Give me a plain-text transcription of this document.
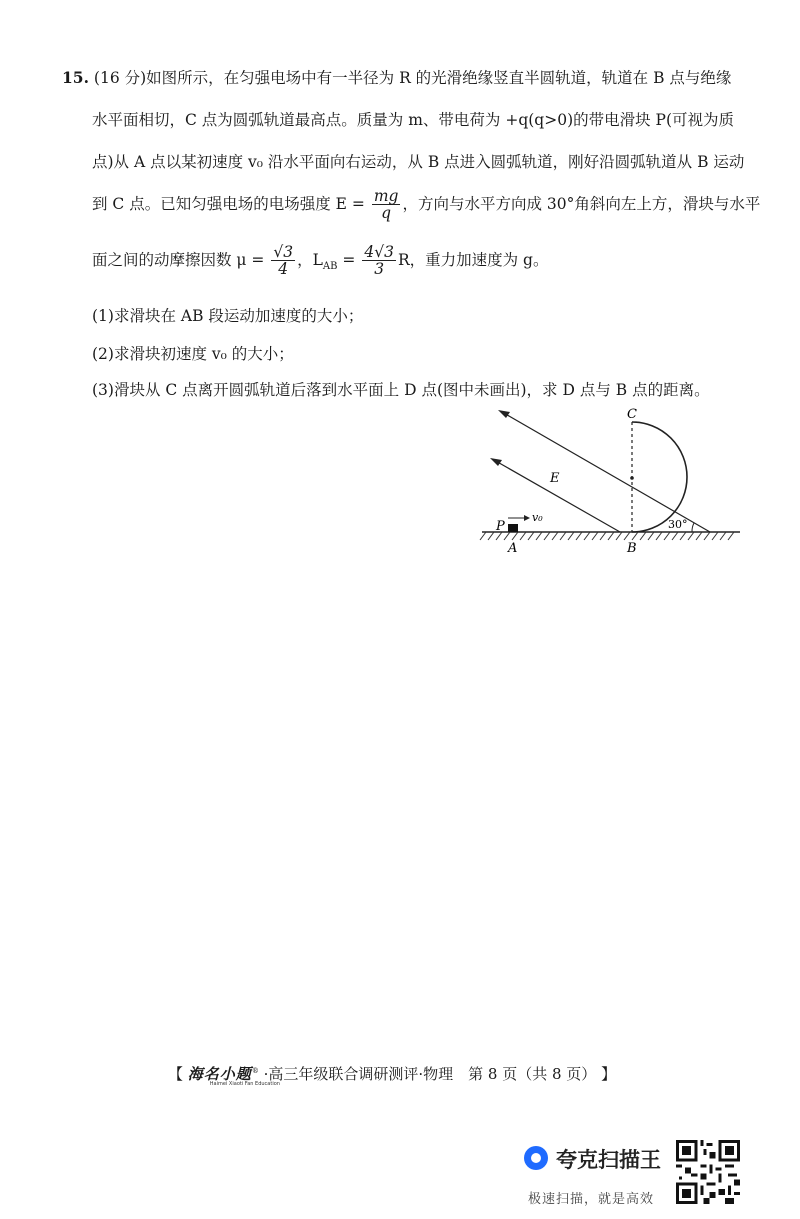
15. (16 分)如图所示，在匀强电场中有一半径为 R 的光滑绝缘竖直半圆轨道，轨道在 B 点与绝缘
水平面相切，C 点为圆弧轨道最高点。质量为 m、带电荷为 +q(q>0)的带电滑块 P(可视为质
点)从 A 点以某初速度 v₀ 沿水平面向右运动，从 B 点进入圆弧轨道，刚好沿圆弧轨道从 B 运动
到 C 点。已知匀强电场的电场强度 $E = \frac{mg}{q}$ ，方向与水平方向成 30°角斜向左上方，滑块与水平
面之间的动摩擦因数 $\mu = \frac{√3}{4}$ ，$L_{AB} = \frac{4√3}{3}$ R，重力加速度为 g。
(1)求滑块在 AB 段运动加速度的大小；
(2)求滑块初速度 v₀ 的大小；
(3)滑块从 C 点离开圆弧轨道后落到水平面上 D 点(图中未画出)，求 D 点与 B 点的距离。
C
E
P
v₀
A	B
30°
【 海名小题®
Haimei Xiaoti Fan Education
·高三年级联合调研测评·物理　第 8 页（共 8 页） 】
夸克扫描王
极速扫描，就是高效
